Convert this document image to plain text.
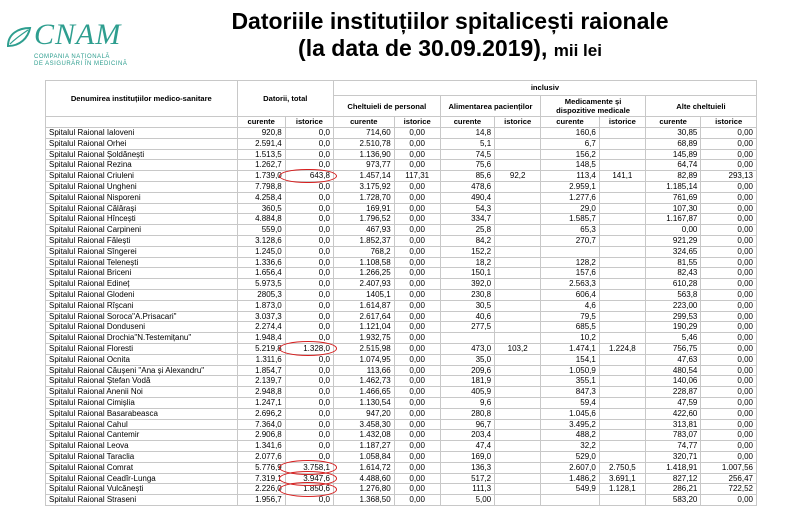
CNAM
COMPANIA NAȚIONALĂ
DE ASIGURĂRI ÎN MEDICINĂ
Datoriile instituțiilor spitalicești raionale
(la data de 30.09.2019), mii lei
Denumirea instituțiilor medico-sanitare	Datorii, total		inclusiv							
			Cheltuieli de personal		Alimentarea pacienților		Medicamente și dispozitive medicale		Alte cheltuieli	
	curente	istorice	curente	istorice	curente	istorice	curente	istorice	curente	istorice
Spitalul Raional Ialoveni	920,8	0,0	714,60	0,00	14,8		160,6		30,85	0,00
Spitalul Raional Orhei	2.591,4	0,0	2.510,78	0,00	5,1		6,7		68,89	0,00
Spitalul Raional Șoldănești	1.513,5	0,0	1.136,90	0,00	74,5		156,2		145,89	0,00
Spitalul Raional Rezina	1.262,7	0,0	973,77	0,00	75,6		148,5		64,74	0,00
Spitalul Raional Criuleni	1.739,0	643,8	1.457,14	117,31	85,6	92,2	113,4	141,1	82,89	293,13
Spitalul Raional Ungheni	7.798,8	0,0	3.175,92	0,00	478,6		2.959,1		1.185,14	0,00
Spitalul Raional Nisporeni	4.258,4	0,0	1.728,70	0,00	490,4		1.277,6		761,69	0,00
Spitalul Raional Călărași	360,5	0,0	169,91	0,00	54,3		29,0		107,30	0,00
Spitalul Raional Hîncești	4.884,8	0,0	1.796,52	0,00	334,7		1.585,7		1.167,87	0,00
Spitalul Raional Carpineni	559,0	0,0	467,93	0,00	25,8		65,3		0,00	0,00
Spitalul Raional Fălești	3.128,6	0,0	1.852,37	0,00	84,2		270,7		921,29	0,00
Spitalul Raional Sîngerei	1.245,0	0,0	768,2	0,00	152,2				324,65	0,00
Spitalul Raional Telenești	1.336,6	0,0	1.108,58	0,00	18,2		128,2		81,55	0,00
Spitalul Raional Briceni	1.656,4	0,0	1.266,25	0,00	150,1		157,6		82,43	0,00
Spitalul Raional Edineț	5.973,5	0,0	2.407,93	0,00	392,0		2.563,3		610,28	0,00
Spitalul Raional Glodeni	2805,3	0,0	1405,1	0,00	230,8		606,4		563,8	0,00
Spitalul Raional Rîșcani	1.873,0	0,0	1.614,87	0,00	30,5		4,6		223,00	0,00
Spitalul Raional Soroca"A.Prisacari"	3.037,3	0,0	2.617,64	0,00	40,6		79,5		299,53	0,00
Spitalul Raional Donduseni	2.274,4	0,0	1.121,04	0,00	277,5		685,5		190,29	0,00
Spitalul Raional Drochia"N.Testemițanu"	1.948,4	0,0	1.932,75	0,00			10,2		5,46	0,00
Spitalul Raional Floresti	5.219,8	1.328,0	2.515,98	0,00	473,0	103,2	1.474,1	1.224,8	756,75	0,00
Spitalul Raional Ocnita	1.311,6	0,0	1.074,95	0,00	35,0		154,1		47,63	0,00
Spitalul Raional Căușeni "Ana și Alexandru"	1.854,7	0,0	113,66	0,00	209,6		1.050,9		480,54	0,00
Spitalul Raional Ștefan Vodă	2.139,7	0,0	1.462,73	0,00	181,9		355,1		140,06	0,00
Spitalul Raional Anenii Noi	2.948,8	0,0	1.466,65	0,00	405,9		847,3		228,87	0,00
Spitalul Raional Cimișlia	1.247,1	0,0	1.130,54	0,00	9,6		59,4		47,59	0,00
Spitalul Raional Basarabeasca	2.696,2	0,0	947,20	0,00	280,8		1.045,6		422,60	0,00
Spitalul Raional Cahul	7.364,0	0,0	3.458,30	0,00	96,7		3.495,2		313,81	0,00
Spitalul Raional Cantemir	2.906,8	0,0	1.432,08	0,00	203,4		488,2		783,07	0,00
Spitalul Raional Leova	1.341,6	0,0	1.187,27	0,00	47,4		32,2		74,77	0,00
Spitalul Raional Taraclia	2.077,6	0,0	1.058,84	0,00	169,0		529,0		320,71	0,00
Spitalul Raional Comrat	5.776,9	3.758,1	1.614,72	0,00	136,3		2.607,0	2.750,5	1.418,91	1.007,56
Spitalul Raional Ceadîr-Lunga	7.319,1	3.947,6	4.488,60	0,00	517,2		1.486,2	3.691,1	827,12	256,47
Spitalul Raional Vulcănești	2.226,0	1.850,6	1.276,80	0,00	111,3		549,9	1.128,1	286,21	722,52
Spitalul Raional Straseni	1.956,7	0,0	1.368,50	0,00	5,00				583,20	0,00
